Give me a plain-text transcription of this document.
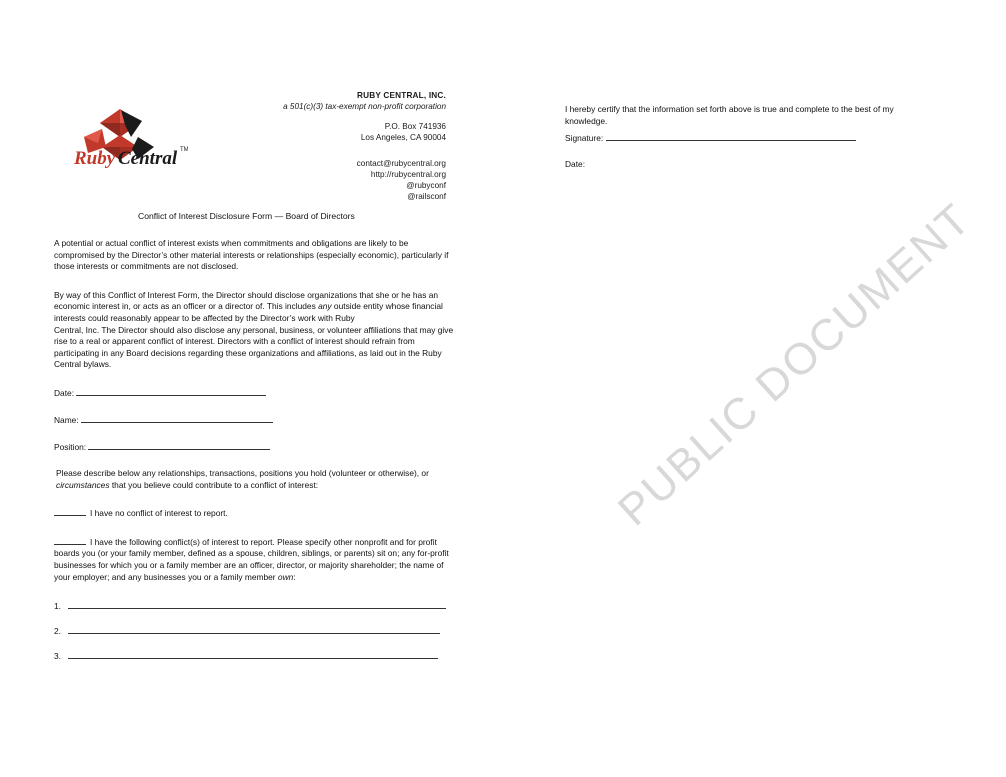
PUBLIC DOCUMENT
Ruby Central TM
RUBY CENTRAL, INC.
a 501(c)(3) tax-exempt non-profit corporation
P.O. Box 741936
Los Angeles, CA 90004
contact@rubycentral.org
http://rubycentral.org
@rubyconf
@railsconf
Conflict of Interest Disclosure Form — Board of Directors
A potential or actual conflict of interest exists when commitments and obligations are likely to be compromised by the Director’s other material interests or relationships (especially economic), particularly if those interests or commitments are not disclosed.
By way of this Conflict of Interest Form, the Director should disclose organizations that she or he has an economic interest in, or acts as an officer or a director of. This includes any outside entity whose financial interests could reasonably appear to be affected by the Director’s work with Ruby
Central, Inc. The Director should also disclose any personal, business, or volunteer affiliations that may give rise to a real or apparent conflict of interest. Directors with a conflict of interest should refrain from participating in any Board decisions regarding these organizations and affiliations, as laid out in the Ruby Central bylaws.
Date:
Name:
Position:
Please describe below any relationships, transactions, positions you hold (volunteer or otherwise), or circumstances that you believe could contribute to a conflict of interest:
I have no conflict of interest to report.
I have the following conflict(s) of interest to report. Please specify other nonprofit and for profit boards you (or your family member, defined as a spouse, children, siblings, or parents) sit on; any for-profit businesses for which you or a family member are an officer, director, or majority shareholder; the name of your employer; and any businesses you or a family member own:
1.
2.
3.
I hereby certify that the information set forth above is true and complete to the best of my knowledge.
Signature:
Date:
